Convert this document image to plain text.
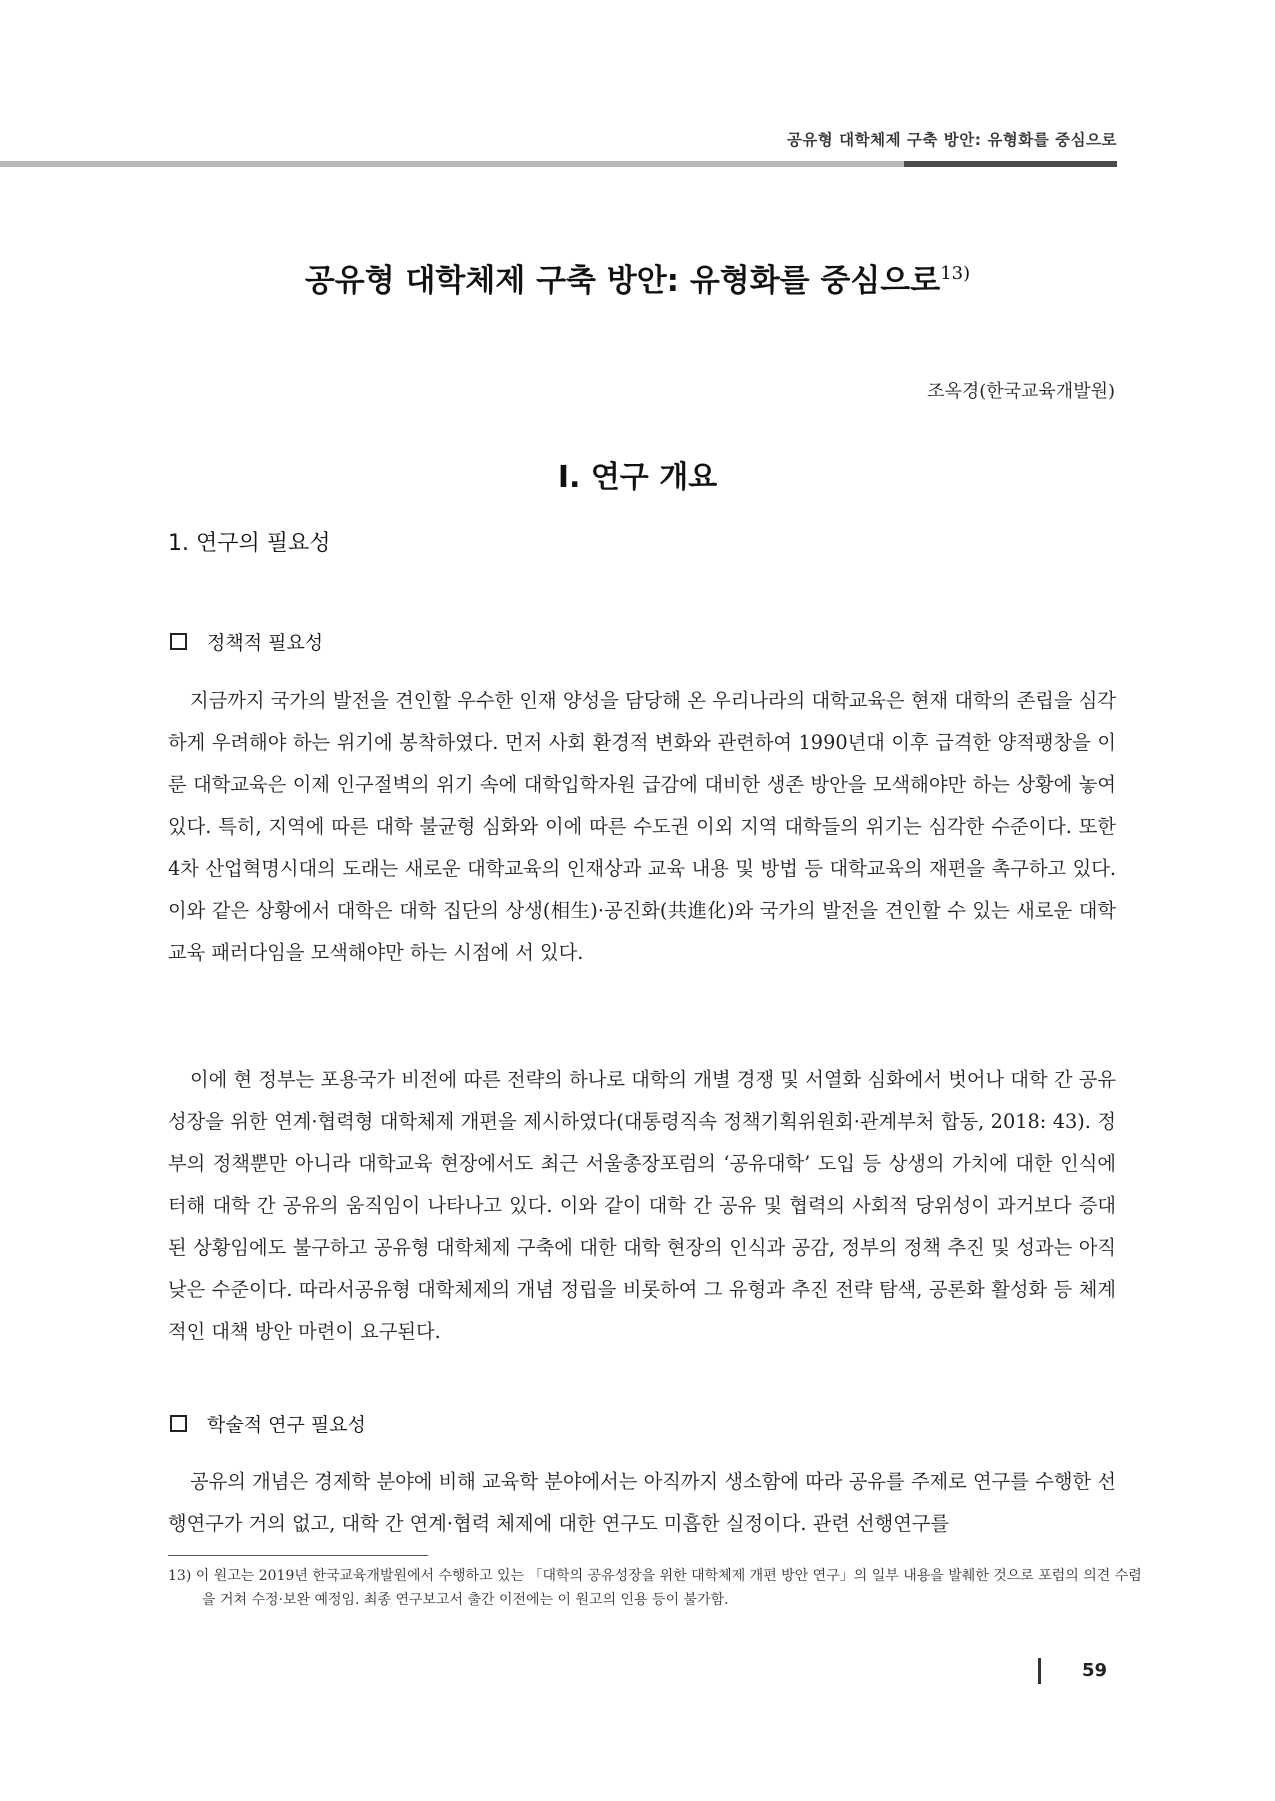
공유형 대학체제 구축 방안: 유형화를 중심으로
공유형 대학체제 구축 방안: 유형화를 중심으로$^{13)}$
조옥경(한국교육개발원)
Ⅰ. 연구 개요
1. 연구의 필요성
정책적 필요성

지금까지 국가의 발전을 견인할 우수한 인재 양성을 담당해 온 우리나라의 대학교육은 현재 대학의 존립을 심각하게 우려해야 하는 위기에 봉착하였다. 먼저 사회 환경적 변화와 관련하여 1990년대 이후 급격한 양적팽창을 이룬 대학교육은 이제 인구절벽의 위기 속에 대학입학자원 급감에 대비한 생존 방안을 모색해야만 하는 상황에 놓여 있다. 특히, 지역에 따른 대학 불균형 심화와 이에 따른 수도권 이외 지역 대학들의 위기는 심각한 수준이다. 또한 4차 산업혁명시대의 도래는 새로운 대학교육의 인재상과 교육 내용 및 방법 등 대학교육의 재편을 촉구하고 있다. 이와 같은 상황에서 대학은 대학 집단의 상생(相生)·공진화(共進化)와 국가의 발전을 견인할 수 있는 새로운 대학교육 패러다임을 모색해야만 하는 시점에 서 있다.

이에 현 정부는 포용국가 비전에 따른 전략의 하나로 대학의 개별 경쟁 및 서열화 심화에서 벗어나 대학 간 공유성장을 위한 연계·협력형 대학체제 개편을 제시하였다(대통령직속 정책기획위원회·관계부처 합동, 2018: 43). 정부의 정책뿐만 아니라 대학교육 현장에서도 최근 서울총장포럼의 ‘공유대학’ 도입 등 상생의 가치에 대한 인식에 터해 대학 간 공유의 움직임이 나타나고 있다. 이와 같이 대학 간 공유 및 협력의 사회적 당위성이 과거보다 증대된 상황임에도 불구하고 공유형 대학체제 구축에 대한 대학 현장의 인식과 공감, 정부의 정책 추진 및 성과는 아직 낮은 수준이다. 따라서공유형 대학체제의 개념 정립을 비롯하여 그 유형과 추진 전략 탐색, 공론화 활성화 등 체계적인 대책 방안 마련이 요구된다.

학술적 연구 필요성

공유의 개념은 경제학 분야에 비해 교육학 분야에서는 아직까지 생소함에 따라 공유를 주제로 연구를 수행한 선행연구가 거의 없고, 대학 간 연계·협력 체제에 대한 연구도 미흡한 실정이다. 관련 선행연구를

13) 이 원고는 2019년 한국교육개발원에서 수행하고 있는 「대학의 공유성장을 위한 대학체제 개편 방안 연구」의 일부 내용을 발췌한 것으로 포럼의 의견 수렴을 거쳐 수정·보완 예정임. 최종 연구보고서 출간 이전에는 이 원고의 인용 등이 불가함.

59
